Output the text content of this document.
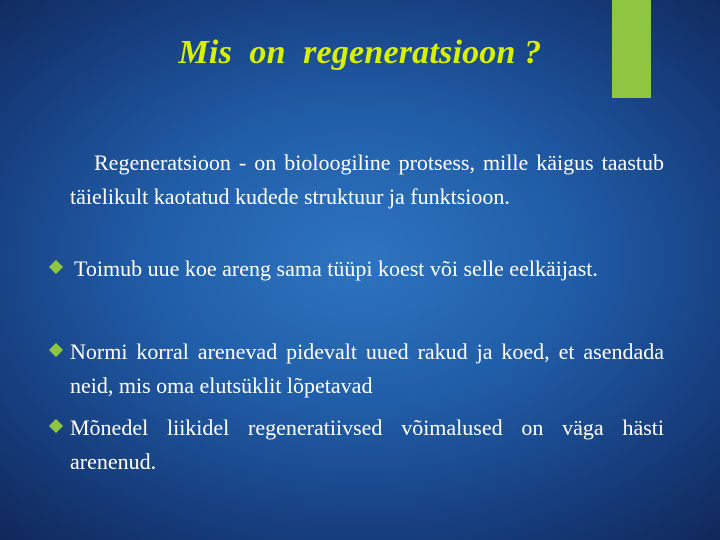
Mis  on  regeneratsioon ?
Regeneratsioon - on bioloogiline protsess, mille käigus taastub täielikult kaotatud kudede struktuur ja funktsioon.
Toimub uue koe areng sama tüüpi koest või selle eelkäijast.
Normi korral arenevad pidevalt uued rakud ja koed, et asendada neid, mis oma elutsüklit lõpetavad
Mõnedel liikidel regeneratiivsed võimalused on väga hästi arenenud.
